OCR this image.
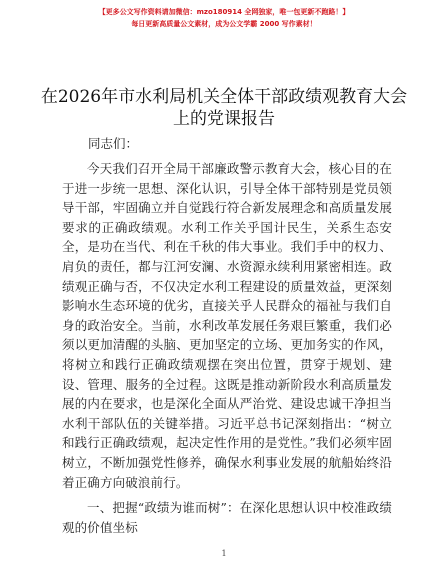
【更多公文写作资料请加微信：mzo180914 全网独家，唯一包更新不跑路！】
每日更新高质量公文素材，成为公文学霸 2000 写作素材！
在2026年市水利局机关全体干部政绩观教育大会上的党课报告
同志们：

今天我们召开全局干部廉政警示教育大会，核心目的在于进一步统一思想、深化认识，引导全体干部特别是党员领导干部，牢固确立并自觉践行符合新发展理念和高质量发展要求的正确政绩观。水利工作关乎国计民生，关系生态安全，是功在当代、利在千秋的伟大事业。我们手中的权力、肩负的责任，都与江河安澜、水资源永续利用紧密相连。政绩观正确与否，不仅决定水利工程建设的质量效益，更深刻影响水生态环境的优劣，直接关乎人民群众的福祉与我们自身的政治安全。当前，水利改革发展任务艰巨繁重，我们必须以更加清醒的头脑、更加坚定的立场、更加务实的作风，将树立和践行正确政绩观摆在突出位置，贯穿于规划、建设、管理、服务的全过程。这既是推动新阶段水利高质量发展的内在要求，也是深化全面从严治党、建设忠诚干净担当水利干部队伍的关键举措。习近平总书记深刻指出：“树立和践行正确政绩观，起决定性作用的是党性。”我们必须牢固树立，不断加强党性修养，确保水利事业发展的航船始终沿着正确方向破浪前行。

一、把握“政绩为谁而树”：在深化思想认识中校准政绩观的价值坐标

1
